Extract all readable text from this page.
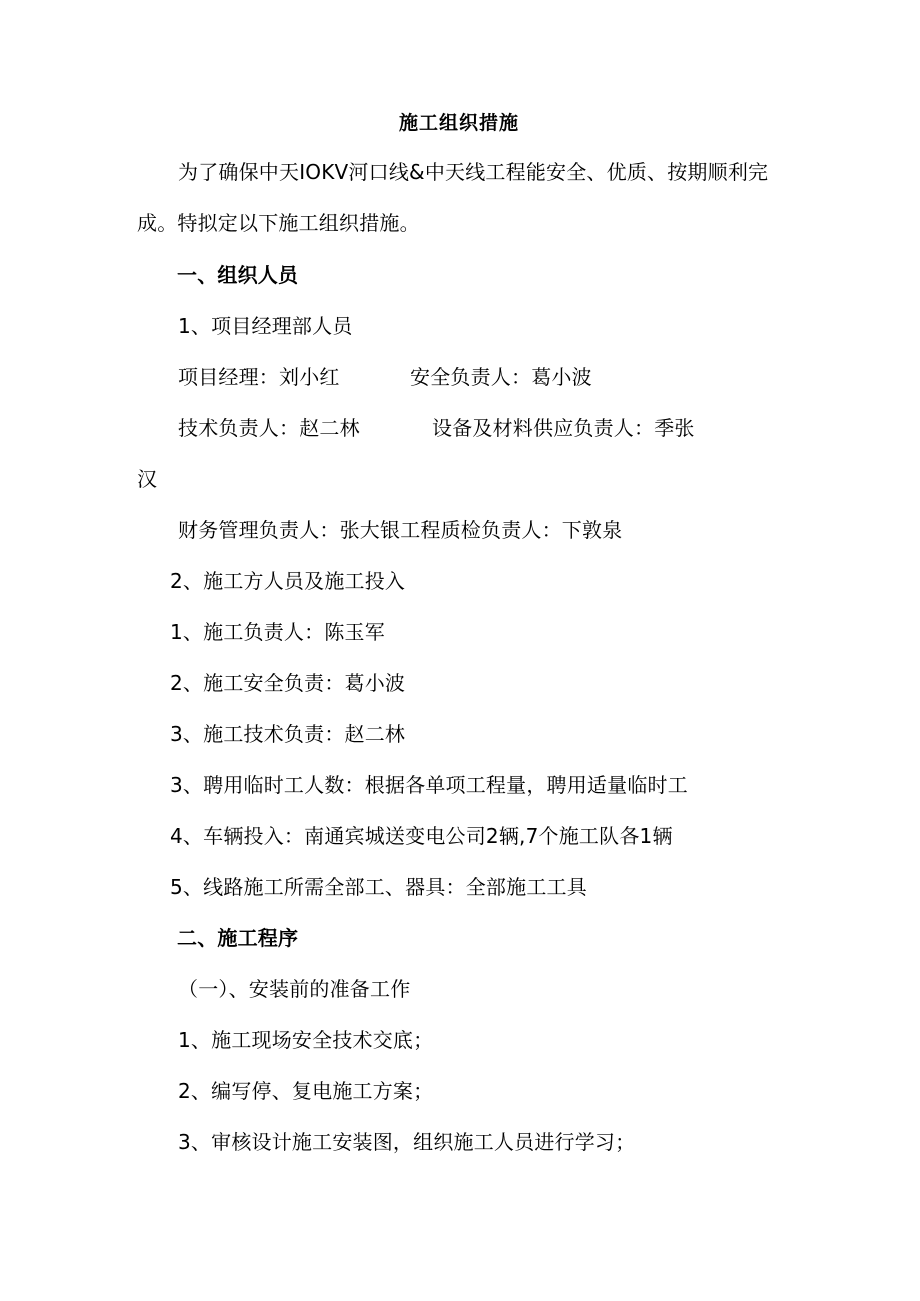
施工组织措施
为了确保中天IOKV河口线&中天线工程能安全、优质、按期顺利完
成。特拟定以下施工组织措施。
一、组织人员
1、项目经理部人员
项目经理：刘小红	安全负责人：葛小波
技术负责人：赵二林	设备及材料供应负责人：季张
汉
财务管理负责人：张大银工程质检负责人：下敦泉
2、施工方人员及施工投入
1、施工负责人：陈玉军
2、施工安全负责：葛小波
3、施工技术负责：赵二林
3、聘用临时工人数：根据各单项工程量，聘用适量临时工
4、车辆投入：南通宾城送变电公司2辆,7个施工队各1辆
5、线路施工所需全部工、器具：全部施工工具
二、施工程序
（一）、安装前的准备工作
1、施工现场安全技术交底；
2、编写停、复电施工方案；
3、审核设计施工安装图，组织施工人员进行学习；
